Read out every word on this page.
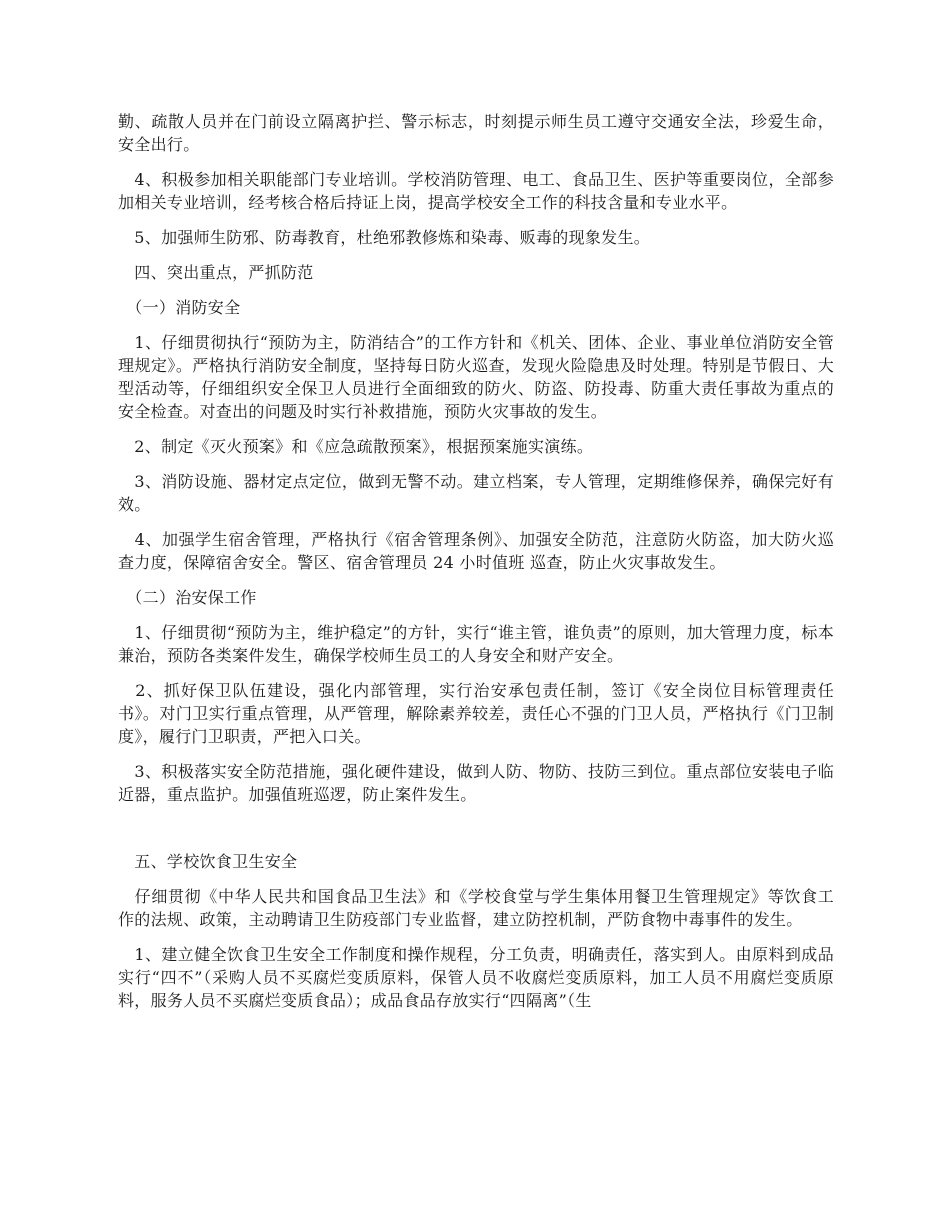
勤、疏散人员并在门前设立隔离护拦、警示标志，时刻提示师生员工遵守交通安全法，珍爱生命，安全出行。

　4、积极参加相关职能部门专业培训。学校消防管理、电工、食品卫生、医护等重要岗位，全部参加相关专业培训，经考核合格后持证上岗，提高学校安全工作的科技含量和专业水平。

　5、加强师生防邪、防毒教育，杜绝邪教修炼和染毒、贩毒的现象发生。

　四、突出重点，严抓防范

　（一）消防安全

　1、仔细贯彻执行“预防为主，防消结合”的工作方针和《机关、团体、企业、事业单位消防安全管理规定》。严格执行消防安全制度，坚持每日防火巡查，发现火险隐患及时处理。特别是节假日、大型活动等，仔细组织安全保卫人员进行全面细致的防火、防盗、防投毒、防重大责任事故为重点的安全检查。对查出的问题及时实行补救措施，预防火灾事故的发生。

　2、制定《灭火预案》和《应急疏散预案》，根据预案施实演练。

　3、消防设施、器材定点定位，做到无警不动。建立档案，专人管理，定期维修保养，确保完好有效。

　4、加强学生宿舍管理，严格执行《宿舍管理条例》、加强安全防范，注意防火防盗，加大防火巡查力度，保障宿舍安全。警区、宿舍管理员 24 小时值班 巡查，防止火灾事故发生。

　（二）治安保工作

　1、仔细贯彻“预防为主，维护稳定”的方针，实行“谁主管，谁负责”的原则，加大管理力度，标本兼治，预防各类案件发生，确保学校师生员工的人身安全和财产安全。

　2、抓好保卫队伍建设，强化内部管理，实行治安承包责任制，签订《安全岗位目标管理责任书》。对门卫实行重点管理，从严管理，解除素养较差，责任心不强的门卫人员，严格执行《门卫制度》，履行门卫职责，严把入口关。

　3、积极落实安全防范措施，强化硬件建设，做到人防、物防、技防三到位。重点部位安装电子临近器，重点监护。加强值班巡逻，防止案件发生。

　五、学校饮食卫生安全

　仔细贯彻《中华人民共和国食品卫生法》和《学校食堂与学生集体用餐卫生管理规定》等饮食工作的法规、政策，主动聘请卫生防疫部门专业监督，建立防控机制，严防食物中毒事件的发生。

　1、建立健全饮食卫生安全工作制度和操作规程，分工负责，明确责任，落实到人。由原料到成品实行“四不”（采购人员不买腐烂变质原料，保管人员不收腐烂变质原料，加工人员不用腐烂变质原料，服务人员不买腐烂变质食品）；成品食品存放实行“四隔离”（生
